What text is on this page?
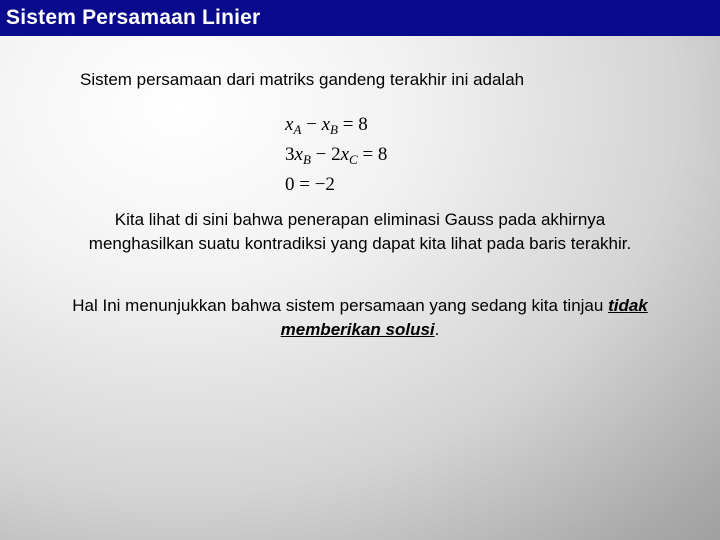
Sistem Persamaan Linier
Sistem persamaan dari matriks gandeng terakhir ini adalah
$x_A - x_B = 8$
$3x_B - 2x_C = 8$
0 = −2
Kita lihat di sini bahwa penerapan eliminasi Gauss pada akhirnya menghasilkan suatu kontradiksi yang dapat kita lihat pada baris terakhir.
Hal Ini menunjukkan bahwa sistem persamaan yang sedang kita tinjau tidak memberikan solusi.
